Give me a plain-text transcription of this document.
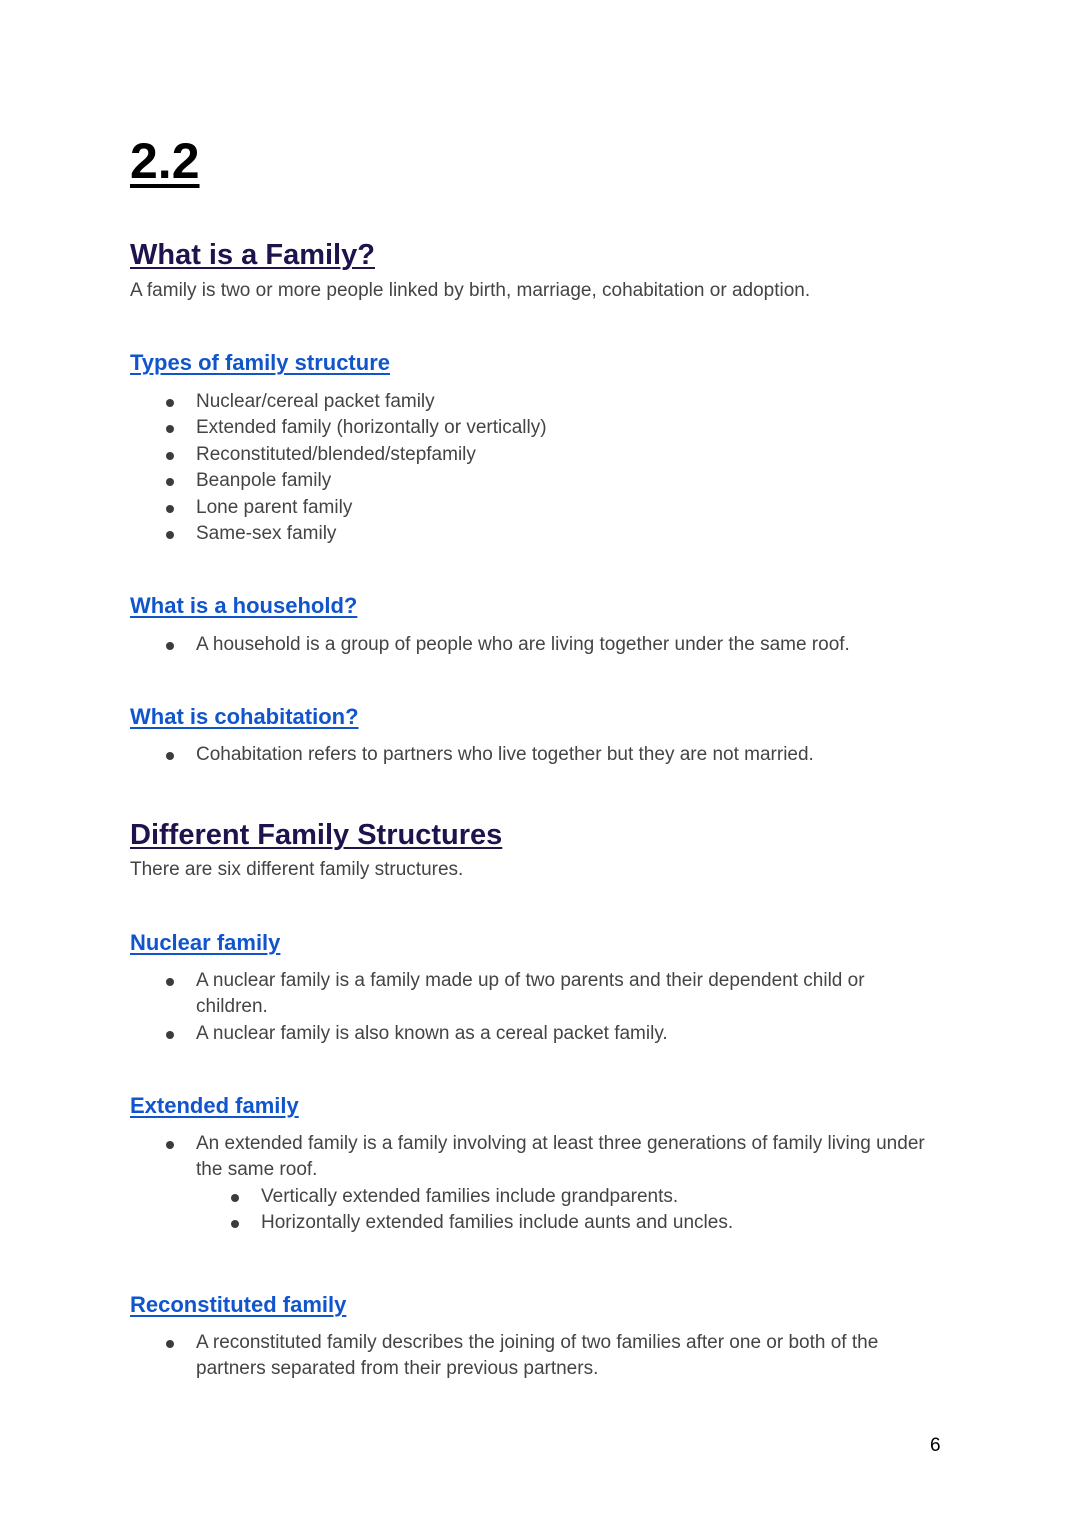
2.2
What is a Family?

A family is two or more people linked by birth, marriage, cohabitation or adoption.

Types of family structure
Nuclear/cereal packet family
Extended family (horizontally or vertically)
Reconstituted/blended/stepfamily
Beanpole family
Lone parent family
Same-sex family
What is a household?
A household is a group of people who are living together under the same roof.
What is cohabitation?
Cohabitation refers to partners who live together but they are not married.
Different Family Structures

There are six different family structures.

Nuclear family
A nuclear family is a family made up of two parents and their dependent child or children.
A nuclear family is also known as a cereal packet family.
Extended family
An extended family is a family involving at least three generations of family living under the same roof.
Vertically extended families include grandparents.
Horizontally extended families include aunts and uncles.
Reconstituted family
A reconstituted family describes the joining of two families after one or both of the partners separated from their previous partners.
6
